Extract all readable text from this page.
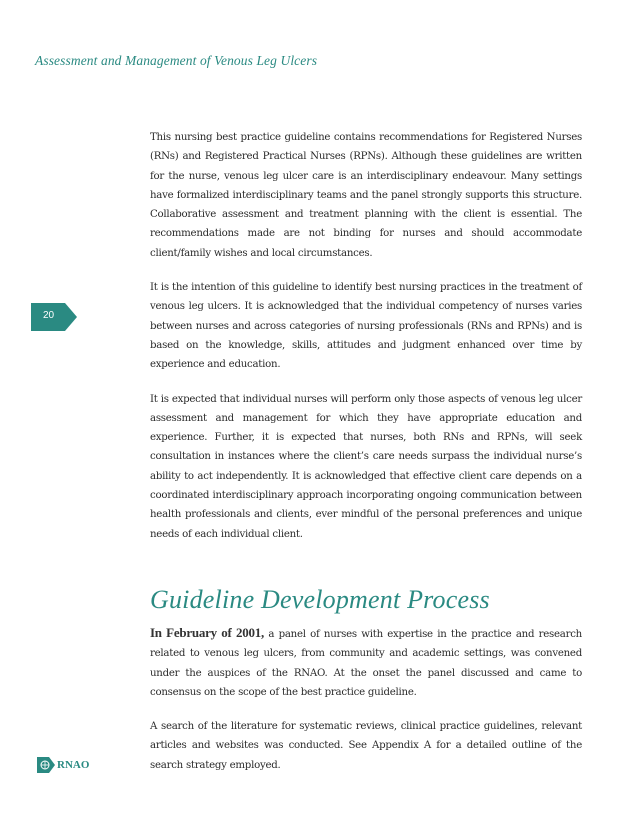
Assessment and Management of Venous Leg Ulcers
20

This nursing best practice guideline contains recommendations for Registered Nurses (RNs) and Registered Practical Nurses (RPNs). Although these guidelines are written for the nurse, venous leg ulcer care is an interdisciplinary endeavour. Many settings have formalized interdisciplinary teams and the panel strongly supports this structure. Collaborative assessment and treatment planning with the client is essential. The recommendations made are not binding for nurses and should accommodate client/family wishes and local circumstances.

It is the intention of this guideline to identify best nursing practices in the treatment of venous leg ulcers. It is acknowledged that the individual competency of nurses varies between nurses and across categories of nursing professionals (RNs and RPNs) and is based on the knowledge, skills, attitudes and judgment enhanced over time by experience and education.

It is expected that individual nurses will perform only those aspects of venous leg ulcer assessment and management for which they have appropriate education and experience. Further, it is expected that nurses, both RNs and RPNs, will seek consultation in instances where the client’s care needs surpass the individual nurse’s ability to act independently. It is acknowledged that effective client care depends on a coordinated interdisciplinary approach incorporating ongoing communication between health professionals and clients, ever mindful of the personal preferences and unique needs of each individual client.

Guideline Development Process

In February of 2001, a panel of nurses with expertise in the practice and research related to venous leg ulcers, from community and academic settings, was convened under the auspices of the RNAO. At the onset the panel discussed and came to consensus on the scope of the best practice guideline.

A search of the literature for systematic reviews, clinical practice guidelines, relevant articles and websites was conducted. See Appendix A for a detailed outline of the search strategy employed.

RNAO
